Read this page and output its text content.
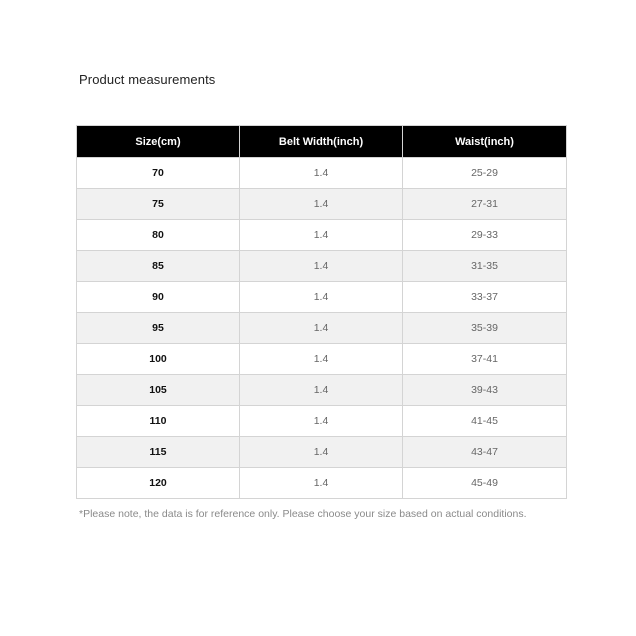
Product measurements
Size(cm)	Belt Width(inch)	Waist(inch)
70	1.4	25-29
75	1.4	27-31
80	1.4	29-33
85	1.4	31-35
90	1.4	33-37
95	1.4	35-39
100	1.4	37-41
105	1.4	39-43
110	1.4	41-45
115	1.4	43-47
120	1.4	45-49
*Please note, the data is for reference only. Please choose your size based on actual conditions.
